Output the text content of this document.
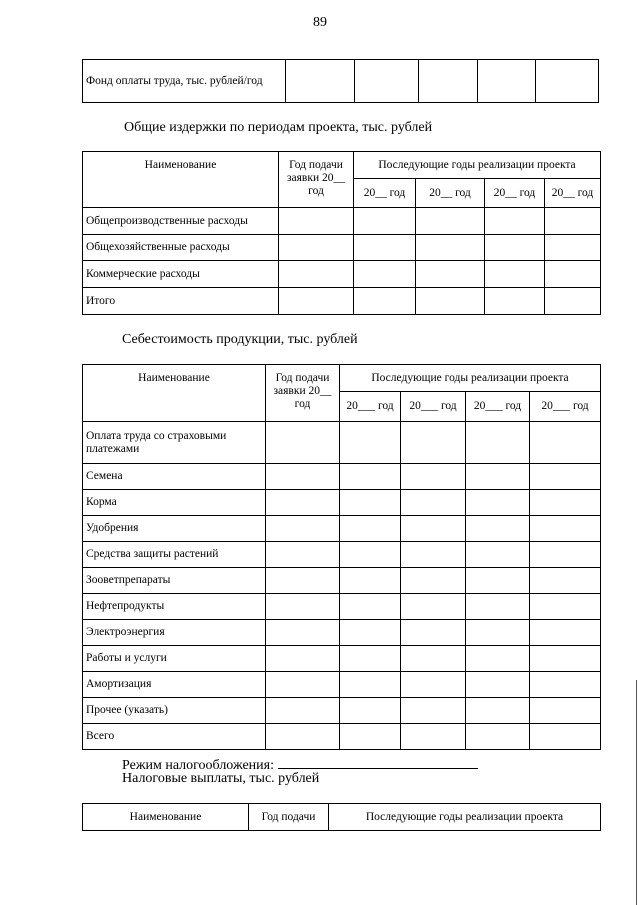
89
Фонд оплаты труда, тыс. рублей/год					
Общие издержки по периодам проекта, тыс. рублей
Наименование	Год подачи заявки 20__ год	Последующие годы реализации проекта			
		20__ год	20__ год	20__ год	20__ год
Общепроизводственные расходы					
Общехозяйственные расходы					
Коммерческие расходы					
Итого					
Себестоимость продукции, тыс. рублей
Наименование	Год подачи заявки 20__ год	Последующие годы реализации проекта			
		20___ год	20___ год	20___ год	20___ год
Оплата труда со страховыми платежами					
Семена					
Корма					
Удобрения					
Средства защиты растений					
Зооветпрепараты					
Нефтепродукты					
Электроэнергия					
Работы и услуги					
Амортизация					
Прочее (указать)					
Всего					
Режим налогообложения:
Налоговые выплаты, тыс. рублей
Наименование	Год подачи	Последующие годы реализации проекта
